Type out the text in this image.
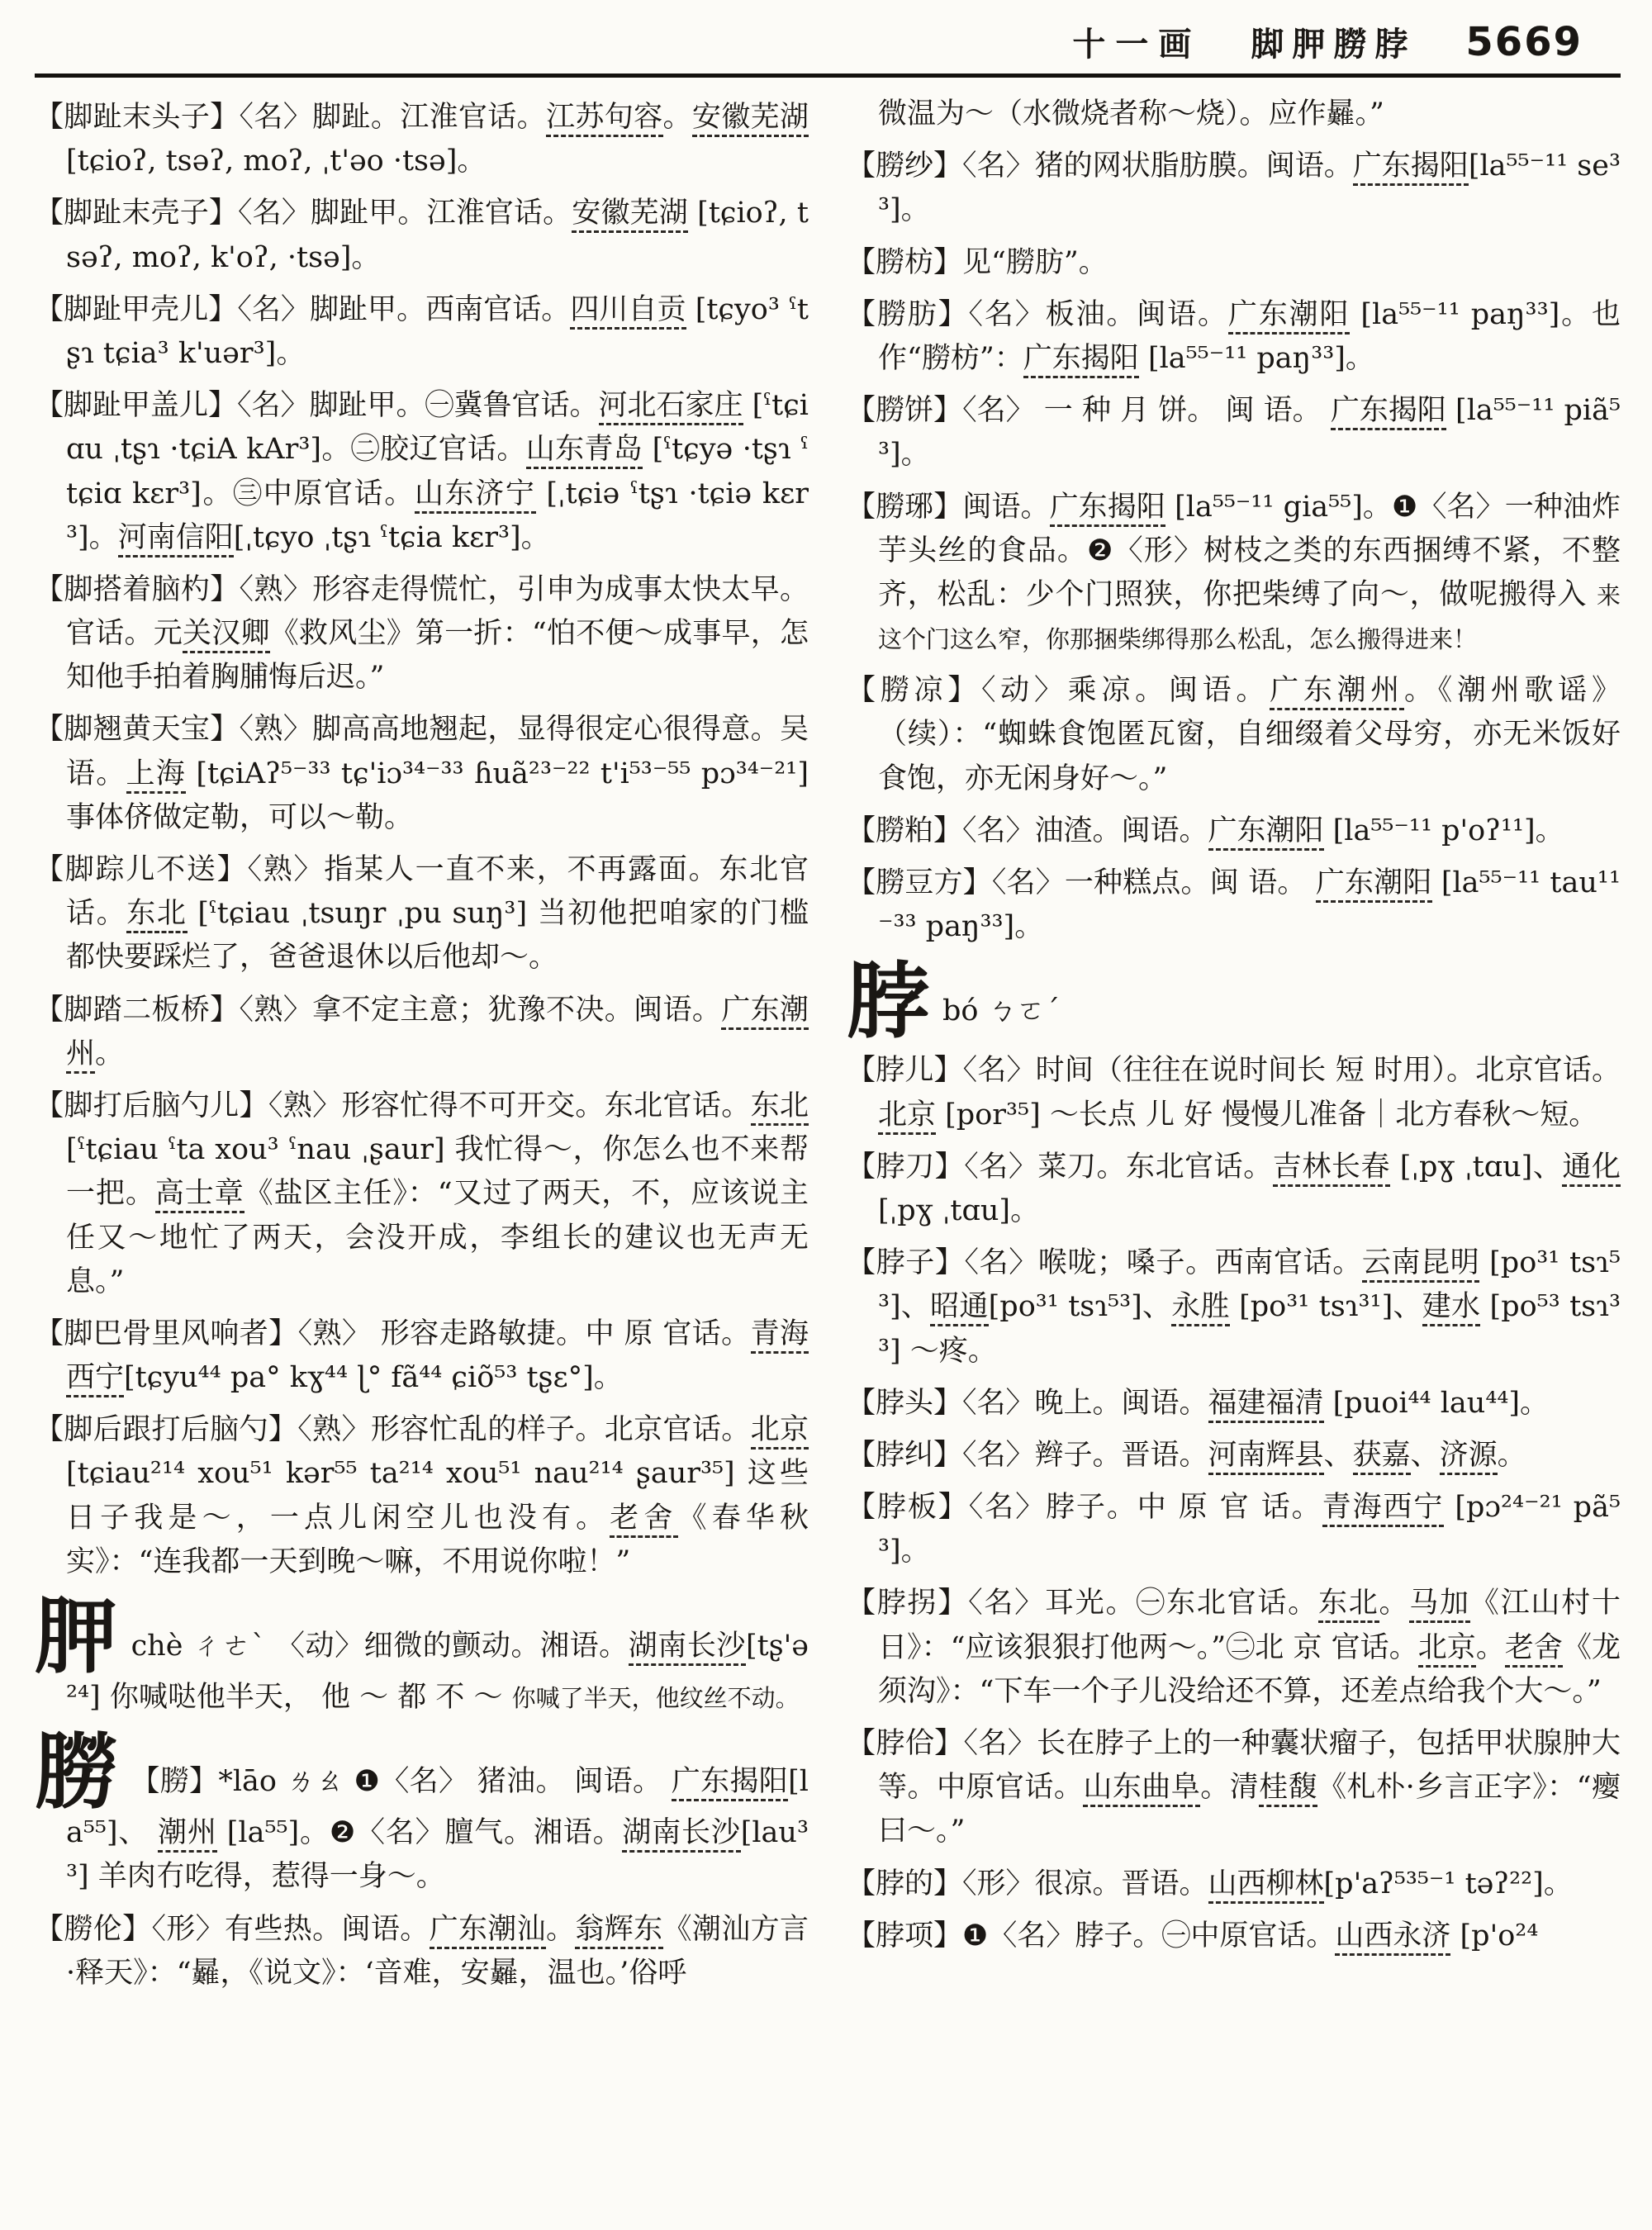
十一画 脚胛朥脖 5669
【脚趾末头子】〈名〉脚趾。江淮官话。江苏句容。安徽芜湖 [tɕioʔ, tsəʔ, moʔ, ˌt'əo ·tsə]。
【脚趾末壳子】〈名〉脚趾甲。江淮官话。安徽芜湖 [tɕioʔ, tsəʔ, moʔ, k'oʔ, ·tsə]。
【脚趾甲壳儿】〈名〉脚趾甲。西南官话。四川自贡 [tɕyo³ ˤtʂɿ tɕia³ k'uər³]。
【脚趾甲盖儿】〈名〉脚趾甲。㊀冀鲁官话。河北石家庄 [ˤtɕiɑu ˌtʂɿ ·tɕiA kAr³]。㊁胶辽官话。山东青岛 [ˤtɕyə ·tʂɿ ˤtɕiɑ kɛr³]。㊂中原官话。山东济宁 [ˌtɕiə ˤtʂɿ ·tɕiə kɛr³]。河南信阳[ˌtɕyo ˌtʂɿ ˤtɕia kɛr³]。
【脚搭着脑杓】〈熟〉形容走得慌忙，引申为成事太快太早。官话。元关汉卿《救风尘》第一折：“怕不便～成事早，怎知他手拍着胸脯悔后迟。”
【脚翘黄天宝】〈熟〉脚高高地翘起，显得很定心很得意。吴语。上海 [tɕiAʔ⁵⁻³³ tɕ'iɔ³⁴⁻³³ ɦuã²³⁻²² t'i⁵³⁻⁵⁵ pɔ³⁴⁻²¹] 事体侪做定勒，可以～勒。
【脚踪儿不送】〈熟〉指某人一直不来，不再露面。东北官话。东北 [ˤtɕiau ˌtsuŋr ˌpu suŋ³] 当初他把咱家的门槛都快要踩烂了，爸爸退休以后他却～。
【脚踏二板桥】〈熟〉拿不定主意；犹豫不决。闽语。广东潮州。
【脚打后脑勺儿】〈熟〉形容忙得不可开交。东北官话。东北 [ˤtɕiau ˤta xou³ ˤnau ˌʂaur] 我忙得～，你怎么也不来帮一把。高士章《盐区主任》：“又过了两天，不，应该说主任又～地忙了两天，会没开成，李组长的建议也无声无息。”
【脚巴骨里风响者】〈熟〉 形容走路敏捷。中 原 官话。青海西宁[tɕyu⁴⁴ pa° kɣ⁴⁴ ɭ° fã⁴⁴ ɕiõ⁵³ tʂɛ°]。
【脚后跟打后脑勺】〈熟〉形容忙乱的样子。北京官话。北京 [tɕiau²¹⁴ xou⁵¹ kər⁵⁵ ta²¹⁴ xou⁵¹ nau²¹⁴ ʂaur³⁵] 这些日子我是～，一点儿闲空儿也没有。老舍《春华秋实》：“连我都一天到晚～嘛，不用说你啦！”
胛chè ㄔㄜˋ 〈动〉细微的颤动。湘语。湖南长沙[tʂ'ə²⁴] 你喊哒他半天， 他 ～ 都 不 ～ 你喊了半天，他纹丝不动。
朥 【朥】*lāo ㄌㄠ ❶〈名〉 猪油。 闽语。 广东揭阳[la⁵⁵]、 潮州 [la⁵⁵]。❷〈名〉膻气。湘语。湖南长沙[lau³³] 羊肉冇吃得，惹得一身～。
【朥伦】〈形〉有些热。闽语。广东潮汕。翁辉东《潮汕方言·释天》：“㬮，《说文》：‘音难，安㬮，温也。’俗呼
微温为～（水微烧者称～烧）。应作㬮。”
【朥纱】〈名〉猪的网状脂肪膜。闽语。广东揭阳[la⁵⁵⁻¹¹ se³³]。
【朥枋】见“朥肪”。
【朥肪】〈名〉板油。闽语。广东潮阳 [la⁵⁵⁻¹¹ paŋ³³]。也作“朥枋”：广东揭阳 [la⁵⁵⁻¹¹ paŋ³³]。
【朥饼】〈名〉 一 种 月 饼。 闽 语。 广东揭阳 [la⁵⁵⁻¹¹ piã⁵³]。
【朥琊】闽语。广东揭阳 [la⁵⁵⁻¹¹ gia⁵⁵]。❶〈名〉一种油炸芋头丝的食品。❷〈形〉树枝之类的东西捆缚不紧，不整齐，松乱：少个门照狭，你把柴缚了向～，做呢搬得入 来这个门这么窄，你那捆柴绑得那么松乱，怎么搬得进来！
【朥凉】〈动〉乘凉。闽语。广东潮州。《潮州歌谣》（续）：“蜘蛛食饱匿瓦窗，自细缀着父母穷，亦无米饭好食饱，亦无闲身好～。”
【朥粕】〈名〉油渣。闽语。广东潮阳 [la⁵⁵⁻¹¹ p'oʔ¹¹]。
【朥豆方】〈名〉一种糕点。闽 语。 广东潮阳 [la⁵⁵⁻¹¹ tau¹¹⁻³³ paŋ³³]。
脖bó ㄅㄛˊ
【脖儿】〈名〉时间（往往在说时间长 短 时用）。北京官话。北京 [por³⁵] ～长点 儿 好 慢慢儿准备｜北方春秋～短。
【脖刀】〈名〉菜刀。东北官话。吉林长春 [ˌpɣ ˌtɑu]、通化 [ˌpɣ ˌtɑu]。
【脖子】〈名〉喉咙；嗓子。西南官话。云南昆明 [po³¹ tsɿ⁵³]、昭通[po³¹ tsɿ⁵³]、永胜 [po³¹ tsɿ³¹]、建水 [po⁵³ tsɿ³³] ～疼。
【脖头】〈名〉晚上。闽语。福建福清 [puoi⁴⁴ lau⁴⁴]。
【脖纠】〈名〉辫子。晋语。河南辉县、获嘉、济源。
【脖板】〈名〉脖子。中 原 官 话。青海西宁 [pɔ²⁴⁻²¹ pã⁵³]。
【脖拐】〈名〉耳光。㊀东北官话。东北。马加《江山村十日》：“应该狠狠打他两～。”㊁北 京 官话。北京。老舍《龙须沟》：“下车一个子儿没给还不算，还差点给我个大～。”
【脖佮】〈名〉长在脖子上的一种囊状瘤子，包括甲状腺肿大等。中原官话。山东曲阜。清桂馥《札朴·乡言正字》：“瘿曰～。”
【脖的】〈形〉很凉。晋语。山西柳林[p'aʔ⁵³⁵⁻¹ təʔ²²]。
【脖项】❶〈名〉脖子。㊀中原官话。山西永济 [p'o²⁴
